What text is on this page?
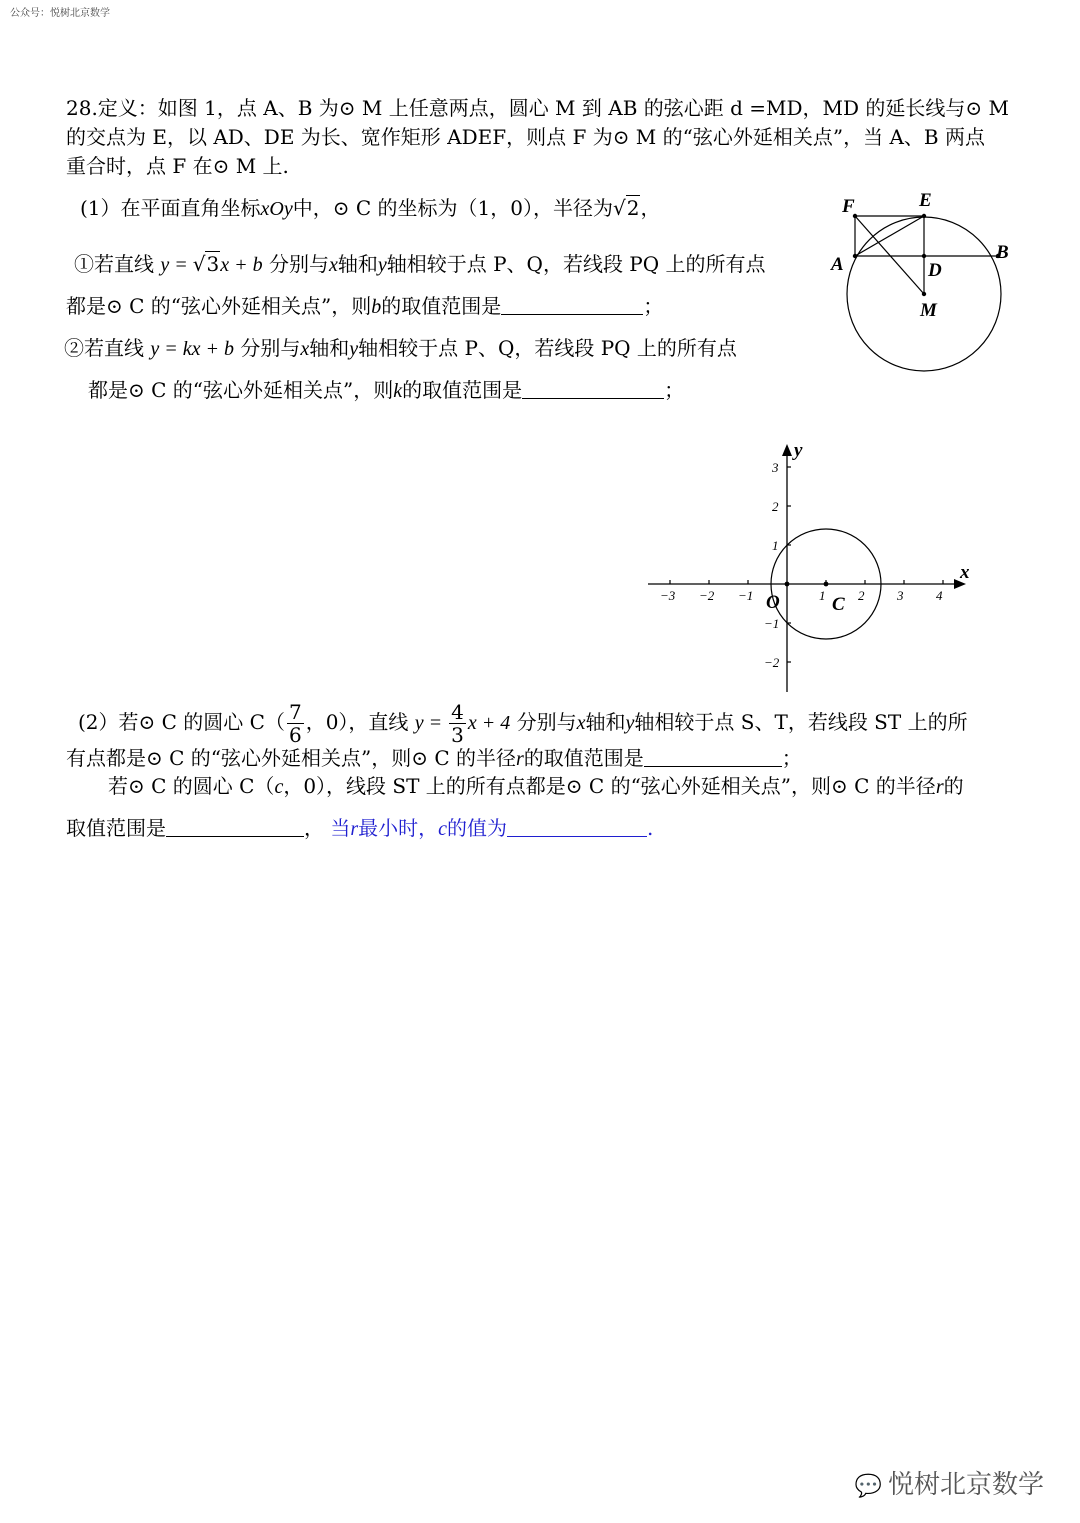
公众号：悦树北京数学
28.定义：如图 1，点 A、B 为⊙ M 上任意两点，圆心 M 到 AB 的弦心距 d =MD，MD 的延长线与⊙ M
的交点为 E，以 AD、DE 为长、宽作矩形 ADEF，则点 F 为⊙ M 的“弦心外延相关点”，当 A、B 两点
重合时，点 F 在⊙ M 上.
(1）在平面直角坐标xOy中，⊙ C 的坐标为（1，0），半径为√2，
①若直线 y = √3x + b 分别与x轴和y轴相较于点 P、Q，若线段 PQ 上的所有点
都是⊙ C 的“弦心外延相关点”，则b的取值范围是	；
②若直线 y = kx + b 分别与x轴和y轴相较于点 P、Q，若线段 PQ 上的所有点
都是⊙ C 的“弦心外延相关点”，则k的取值范围是	；
F	E
A
B
D
M
−3 −2 −1	1	2	3	4
3
2
1
−1
−2
x
y
O	C
(2）若⊙ C 的圆心 $C( \frac{7}{6}$ ，0），直线 $y = \frac{4}{3}$ x + 4 分别与x轴和y轴相较于点 S、T，若线段 ST 上的所
有点都是⊙ C 的“弦心外延相关点”，则⊙ C 的半径r的取值范围是	；
若⊙ C 的圆心 C（c，0），线段 ST 上的所有点都是⊙ C 的“弦心外延相关点”，则⊙ C 的半径r的
取值范围是	， 当r最小时，c的值为	.
💬 悦树北京数学
